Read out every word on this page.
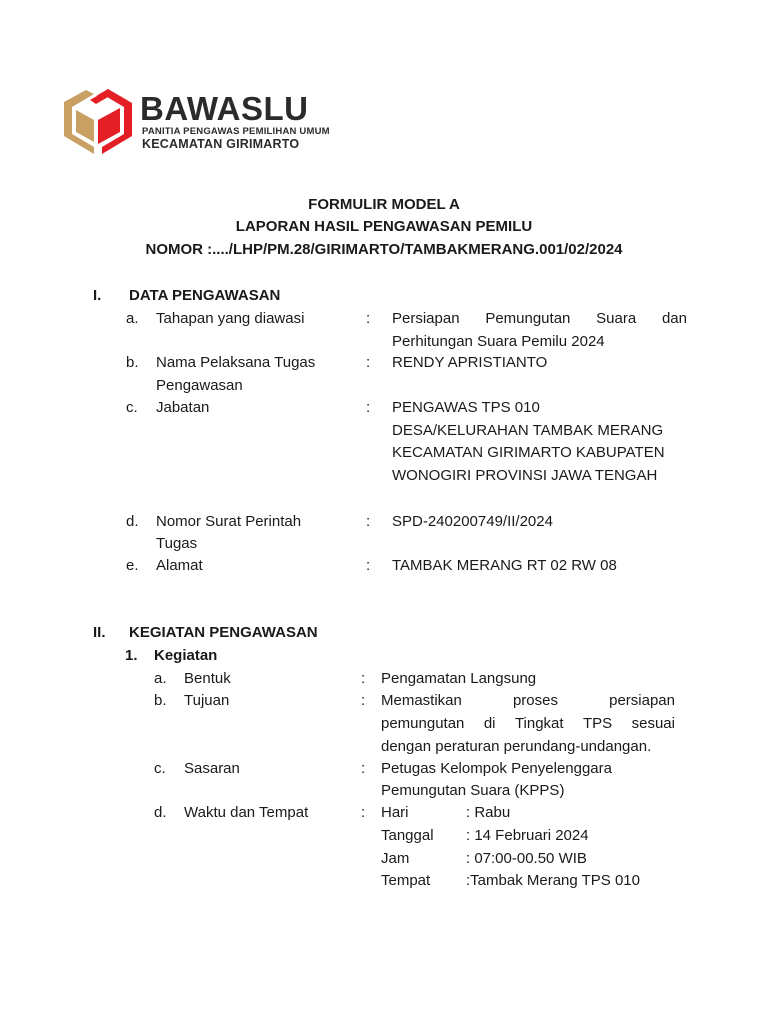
BAWASLU
PANITIA PENGAWAS PEMILIHAN UMUM
KECAMATAN GIRIMARTO
FORMULIR MODEL A
LAPORAN HASIL PENGAWASAN PEMILU
NOMOR :..../LHP/PM.28/GIRIMARTO/TAMBAKMERANG.001/02/2024
I. DATA PENGAWASAN
a. Tahapan yang diawasi	: Persiapan Pemungutan Suara dan
Perhitungan Suara Pemilu 2024
b. Nama Pelaksana Tugas
Pengawasan
: RENDY APRISTIANTO
c. Jabatan	: PENGAWAS TPS 010
DESA/KELURAHAN TAMBAK MERANG
KECAMATAN GIRIMARTO KABUPATEN
WONOGIRI PROVINSI JAWA TENGAH
d. Nomor Surat Perintah
Tugas
: SPD-240200749/II/2024
e. Alamat	: TAMBAK MERANG RT 02 RW 08
II. KEGIATAN PENGAWASAN
1. Kegiatan
a. Bentuk	: Pengamatan Langsung
b. Tujuan	: Memastikan	proses	persiapan
pemungutan di Tingkat TPS sesuai
dengan peraturan perundang-undangan.
c. Sasaran	: Petugas Kelompok Penyelenggara
Pemungutan Suara (KPPS)
d. Waktu dan Tempat	: Hari	: Rabu
Tanggal : 14 Februari 2024
Jam	: 07:00-00.50 WIB
Tempat :Tambak Merang TPS 010
